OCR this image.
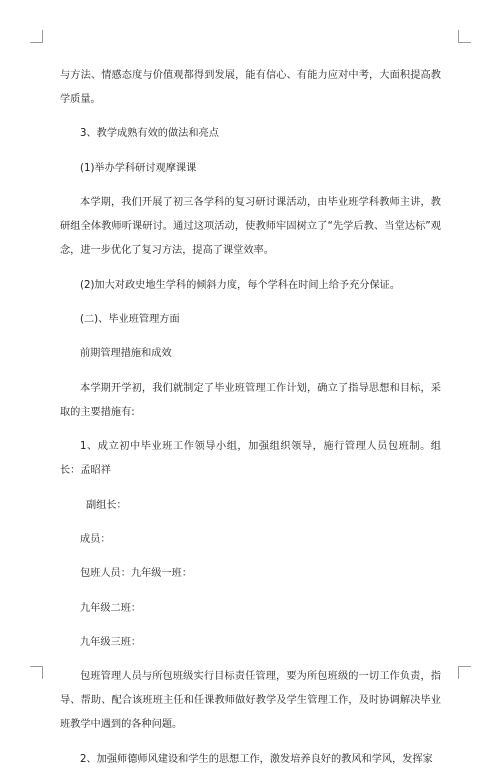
与方法、情感态度与价值观都得到发展，能有信心、有能力应对中考，大面积提高教学质量。

3、教学成熟有效的做法和亮点

(1)举办学科研讨观摩课课

本学期，我们开展了初三各学科的复习研讨课活动，由毕业班学科教师主讲，教研组全体教师听课研讨。通过这项活动，使教师牢固树立了“先学后教、当堂达标”观念，进一步优化了复习方法，提高了课堂效率。

(2)加大对政史地生学科的倾斜力度，每个学科在时间上给予充分保证。

(二)、毕业班管理方面

前期管理措施和成效

本学期开学初，我们就制定了毕业班管理工作计划，确立了指导思想和目标，采取的主要措施有:

1、成立初中毕业班工作领导小组，加强组织领导，施行管理人员包班制。组长：孟昭祥

副组长：

成员：

包班人员：九年级一班：

九年级二班：

九年级三班：

包班管理人员与所包班级实行目标责任管理，要为所包班级的一切工作负责，指导、帮助、配合该班班主任和任课教师做好教学及学生管理工作，及时协调解决毕业班教学中遇到的各种问题。

2、加强师德师风建设和学生的思想工作，激发培养良好的教风和学风，发挥家
